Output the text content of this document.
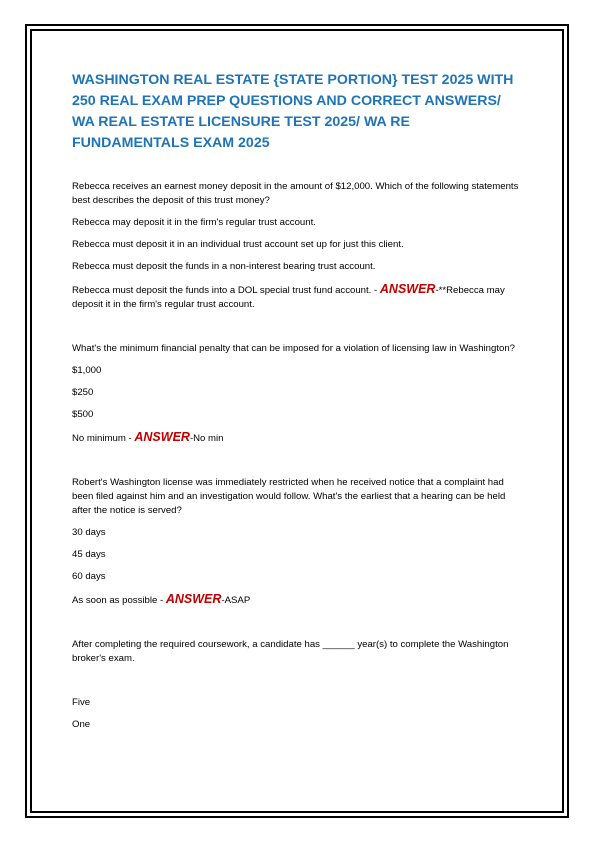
WASHINGTON REAL ESTATE {STATE PORTION} TEST 2025 WITH 250 REAL EXAM PREP QUESTIONS AND CORRECT ANSWERS/ WA REAL ESTATE LICENSURE TEST 2025/ WA RE FUNDAMENTALS EXAM 2025

Rebecca receives an earnest money deposit in the amount of $12,000. Which of the following statements best describes the deposit of this trust money?

Rebecca may deposit it in the firm's regular trust account.

Rebecca must deposit it in an individual trust account set up for just this client.

Rebecca must deposit the funds in a non-interest bearing trust account.

Rebecca must deposit the funds into a DOL special trust fund account. - ANSWER-**Rebecca may deposit it in the firm's regular trust account.

What's the minimum financial penalty that can be imposed for a violation of licensing law in Washington?

$1,000

$250

$500

No minimum - ANSWER-No min

Robert's Washington license was immediately restricted when he received notice that a complaint had been filed against him and an investigation would follow. What's the earliest that a hearing can be held after the notice is served?

30 days

45 days

60 days

As soon as possible - ANSWER-ASAP

After completing the required coursework, a candidate has ______ year(s) to complete the Washington broker's exam.

Five

One
